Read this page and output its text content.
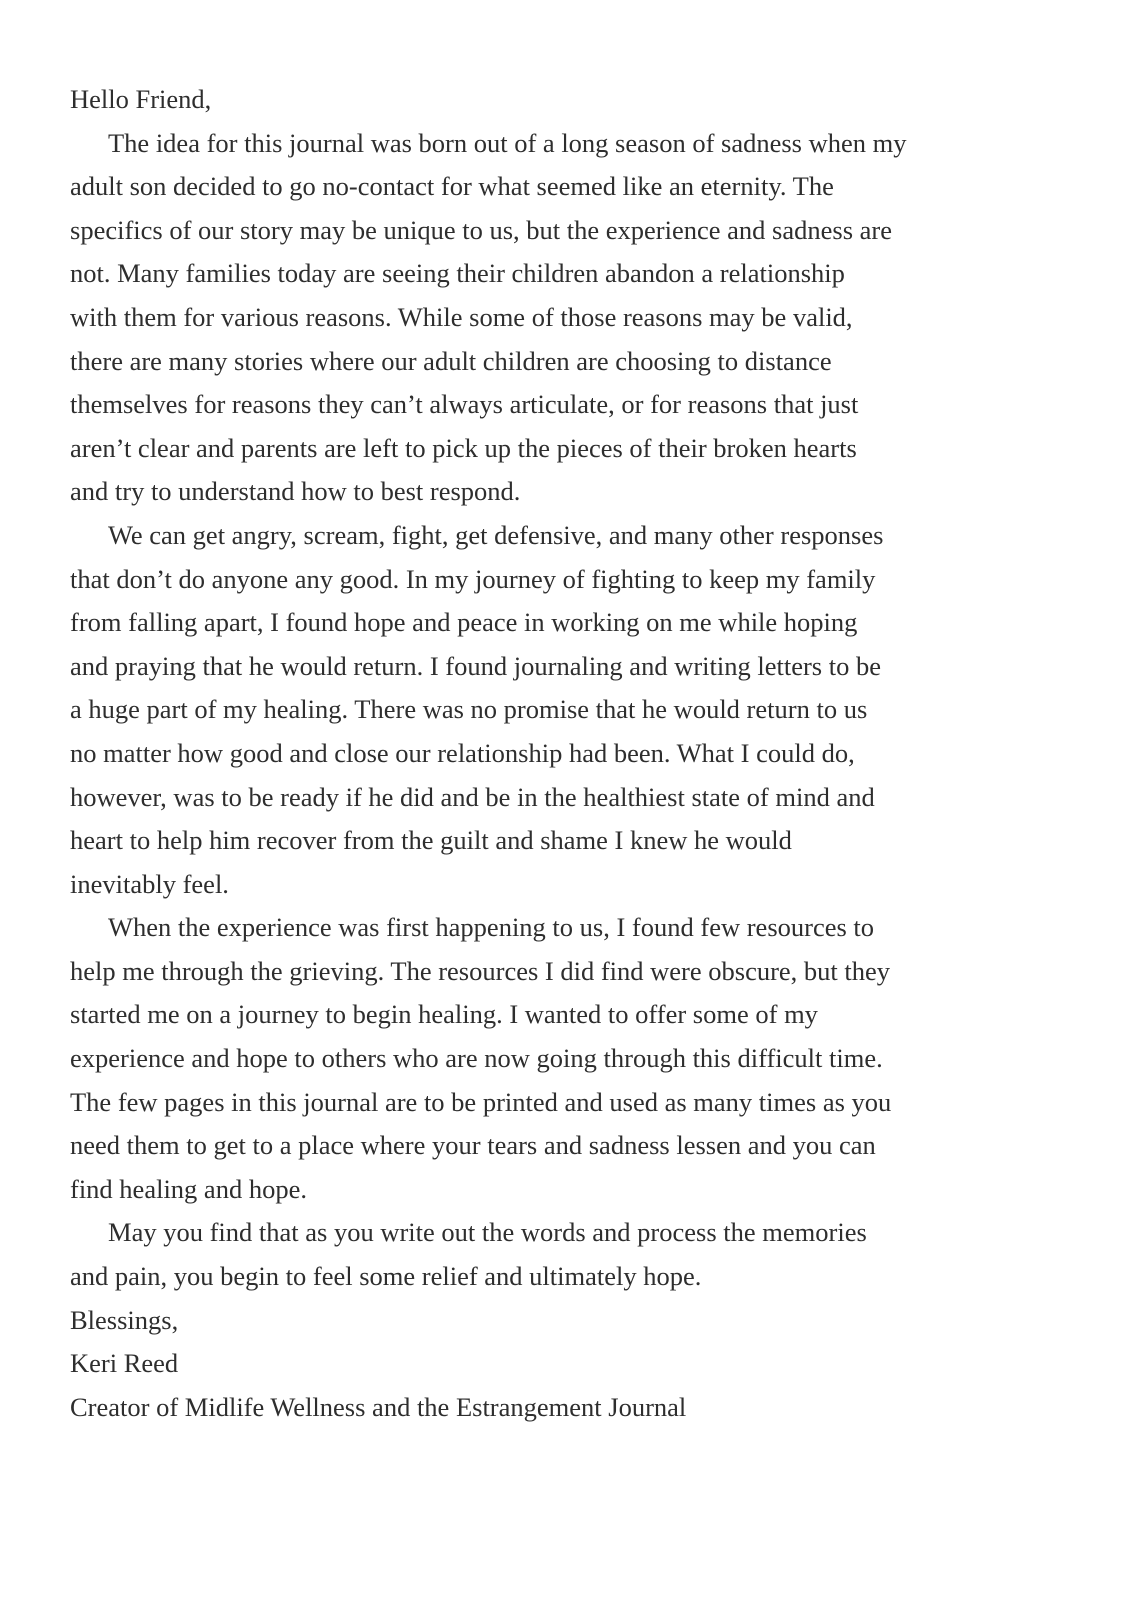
Hello Friend,
The idea for this journal was born out of a long season of sadness when my
adult son decided to go no-contact for what seemed like an eternity. The
specifics of our story may be unique to us, but the experience and sadness are
not. Many families today are seeing their children abandon a relationship
with them for various reasons. While some of those reasons may be valid,
there are many stories where our adult children are choosing to distance
themselves for reasons they can’t always articulate, or for reasons that just
aren’t clear and parents are left to pick up the pieces of their broken hearts
and try to understand how to best respond.
We can get angry, scream, fight, get defensive, and many other responses
that don’t do anyone any good. In my journey of fighting to keep my family
from falling apart, I found hope and peace in working on me while hoping
and praying that he would return. I found journaling and writing letters to be
a huge part of my healing. There was no promise that he would return to us
no matter how good and close our relationship had been. What I could do,
however, was to be ready if he did and be in the healthiest state of mind and
heart to help him recover from the guilt and shame I knew he would
inevitably feel.
When the experience was first happening to us, I found few resources to
help me through the grieving. The resources I did find were obscure, but they
started me on a journey to begin healing. I wanted to offer some of my
experience and hope to others who are now going through this difficult time.
The few pages in this journal are to be printed and used as many times as you
need them to get to a place where your tears and sadness lessen and you can
find healing and hope.
May you find that as you write out the words and process the memories
and pain, you begin to feel some relief and ultimately hope.
Blessings,
Keri Reed
Creator of Midlife Wellness and the Estrangement Journal
